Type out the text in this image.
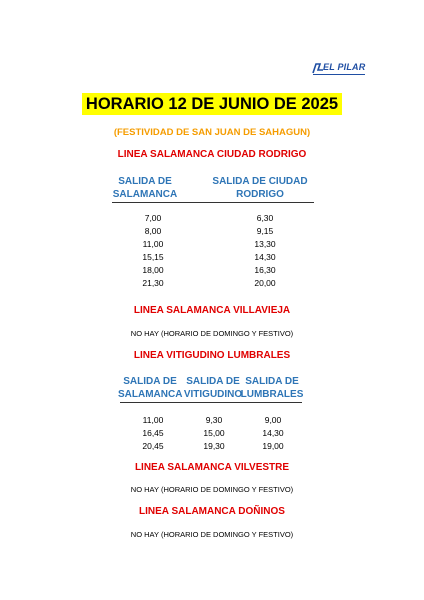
EL PILAR
HORARIO 12 DE JUNIO DE 2025
(FESTIVIDAD DE SAN JUAN DE SAHAGUN)
LINEA SALAMANCA CIUDAD RODRIGO
SALIDA DE
SALAMANCA
SALIDA DE CIUDAD
RODRIGO
7,00
8,00
11,00
15,15
18,00
21,30
6,30
9,15
13,30
14,30
16,30
20,00
LINEA SALAMANCA VILLAVIEJA
NO HAY (HORARIO DE DOMINGO Y FESTIVO)
LINEA VITIGUDINO LUMBRALES
SALIDA DE
SALAMANCA
SALIDA DE
VITIGUDINO
SALIDA DE
LUMBRALES
11,00
16,45
20,45
9,30
15,00
19,30
9,00
14,30
19,00
LINEA SALAMANCA VILVESTRE
NO HAY (HORARIO DE DOMINGO Y FESTIVO)
LINEA SALAMANCA DOÑINOS
NO HAY (HORARIO DE DOMINGO Y FESTIVO)
